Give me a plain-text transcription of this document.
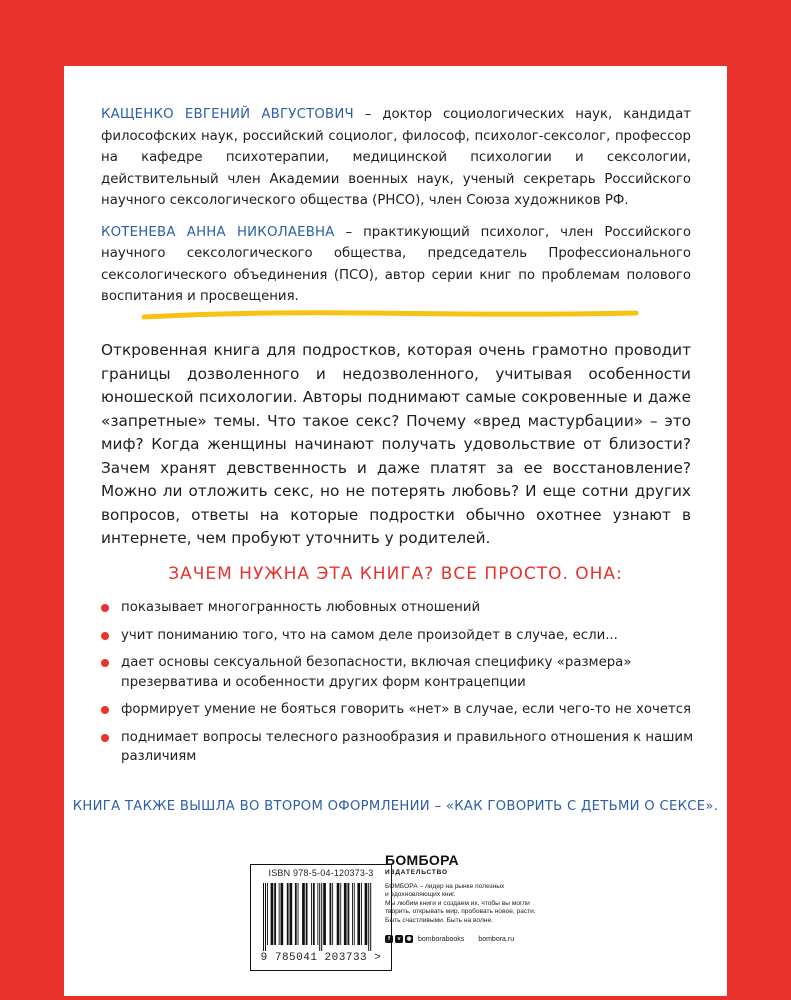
КАЩЕНКО ЕВГЕНИЙ АВГУСТОВИЧ – доктор социологических наук, кандидат философских наук, российский социолог, философ, психолог-сексолог, профессор на кафедре психотерапии, медицинской психологии и сексологии, действительный член Академии военных наук, ученый секретарь Российского научного сексологического общества (РНСО), член Союза художников РФ.

КОТЕНЕВА АННА НИКОЛАЕВНА – практикующий психолог, член Российского научного сексологического общества, председатель Профессионального сексологического объединения (ПСО), автор серии книг по проблемам полового воспитания и просвещения.

Откровенная книга для подростков, которая очень грамотно проводит границы дозволенного и недозволенного, учитывая особенности юношеской психологии. Авторы поднимают самые сокровенные и даже «запретные» темы. Что такое секс? Почему «вред мастурбации» – это миф? Когда женщины начинают получать удовольствие от близости? Зачем хранят девственность и даже платят за ее восстановление? Можно ли отложить секс, но не потерять любовь? И еще сотни других вопросов, ответы на которые подростки обычно охотнее узнают в интернете, чем пробуют уточнить у родителей.

ЗАЧЕМ НУЖНА ЭТА КНИГА? ВСЕ ПРОСТО. ОНА:
показывает многогранность любовных отношений
учит пониманию того, что на самом деле произойдет в случае, если...
дает основы сексуальной безопасности, включая специфику «размера» презерватива и особенности других форм контрацепции
формирует умение не бояться говорить «нет» в случае, если чего-то не хочется
поднимает вопросы телесного разнообразия и правильного отношения к нашим различиям
КНИГА ТАКЖЕ ВЫШЛА ВО ВТОРОМ ОФОРМЛЕНИИ – «КАК ГОВОРИТЬ С ДЕТЬМИ О СЕКСЕ».
ISBN 978-5-04-120373-3
9 785041 203733 >
БОМБОРА
ИЗДАТЕЛЬСТВО
БОМБОРА – лидер на рынке полезных
и вдохновляющих книг.
Мы любим книги и создаем их, чтобы вы могли
творить, открывать мир, пробовать новое, расти.
Быть счастливыми. Быть на волне.
f	v	◉ bomborabooks bombora.ru
